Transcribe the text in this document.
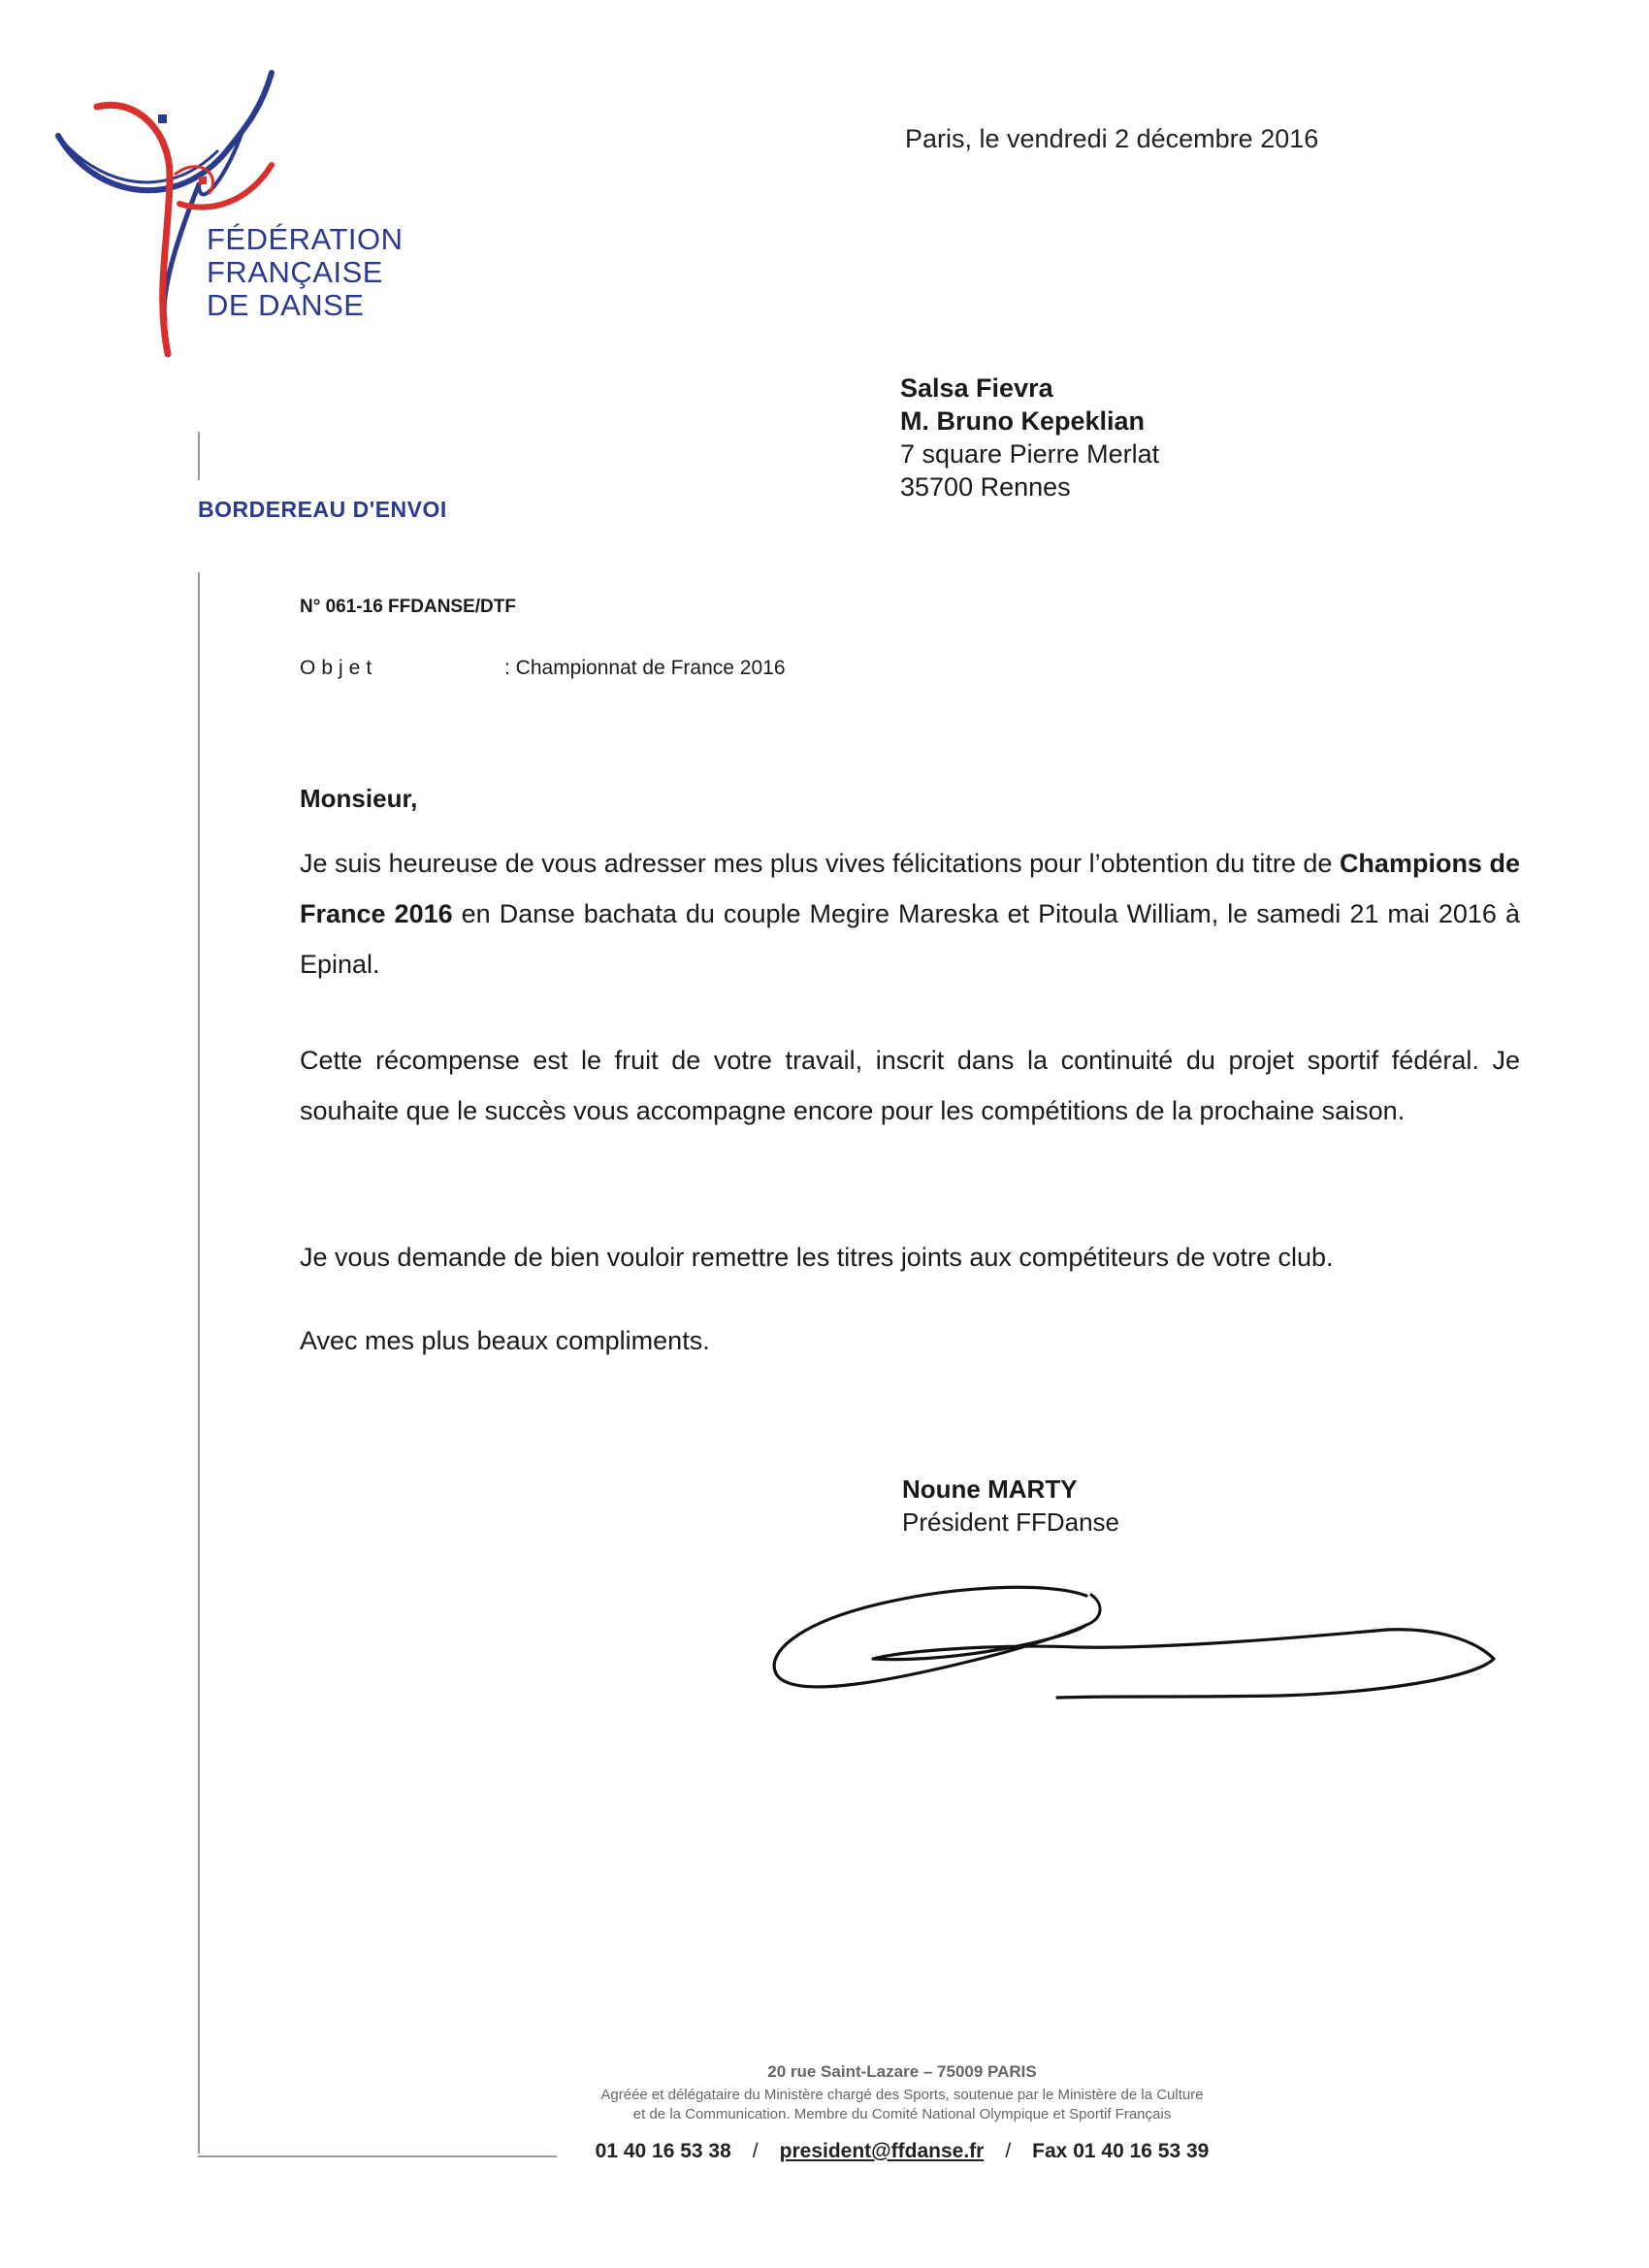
FÉDÉRATION
FRANÇAISE
DE DANSE
Paris, le vendredi 2 décembre 2016
Salsa Fievra
M. Bruno Kepeklian
7 square Pierre Merlat
35700 Rennes
BORDEREAU D'ENVOI
N° 061-16 FFDANSE/DTF
Objet	: Championnat de France 2016
Monsieur,
Je suis heureuse de vous adresser mes plus vives félicitations pour l’obtention du titre de Champions de France 2016 en Danse bachata du couple Megire Mareska et Pitoula William, le samedi 21 mai 2016 à Epinal.
Cette récompense est le fruit de votre travail, inscrit dans la continuité du projet sportif fédéral. Je souhaite que le succès vous accompagne encore pour les compétitions de la prochaine saison.
Je vous demande de bien vouloir remettre les titres joints aux compétiteurs de votre club.
Avec mes plus beaux compliments.
Noune MARTY
Président FFDanse
20 rue Saint-Lazare – 75009 PARIS
Agréée et délégataire du Ministère chargé des Sports, soutenue par le Ministère de la Culture
et de la Communication. Membre du Comité National Olympique et Sportif Français
01 40 16 53 38 / president@ffdanse.fr / Fax 01 40 16 53 39
